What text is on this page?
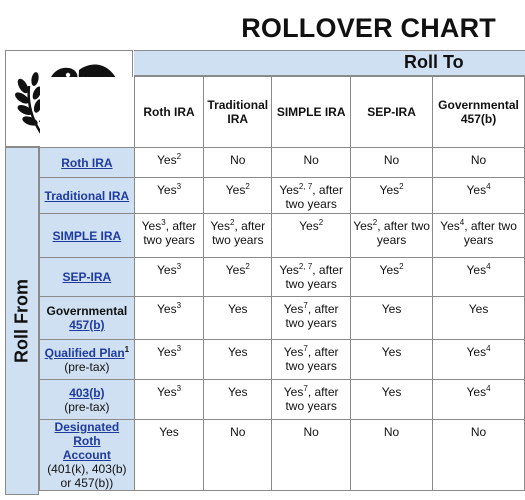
ROLLOVER CHART
Roll To
Roll From
	Roth IRA	Traditional IRA	SIMPLE IRA	SEP-IRA	Governmental 457(b)
Roth IRA	Yes$^2$	No	No	No	No
Traditional IRA	Yes$^3$	Yes$^2$	Yes$^{2, 7}$, after two years	Yes$^2$	Yes$^4$
SIMPLE IRA	Yes$^3$, after two years	Yes$^2$, after two years	Yes$^2$	Yes$^2$, after two years	Yes$^4$, after two years
SEP-IRA	Yes$^3$	Yes$^2$	Yes$^{2, 7}$, after two years	Yes$^2$	Yes$^4$
Governmental
457(b)	Yes$^3$	Yes	Yes$^7$, after two years	Yes	Yes
Qualified Plan$^1$
(pre-tax)	Yes$^3$	Yes	Yes$^7$, after two years	Yes	Yes$^4$
403(b)
(pre-tax)	Yes$^3$	Yes	Yes$^7$, after two years	Yes	Yes$^4$
Designated Roth Account
(401(k), 403(b) or 457(b))	Yes	No	No	No	No
